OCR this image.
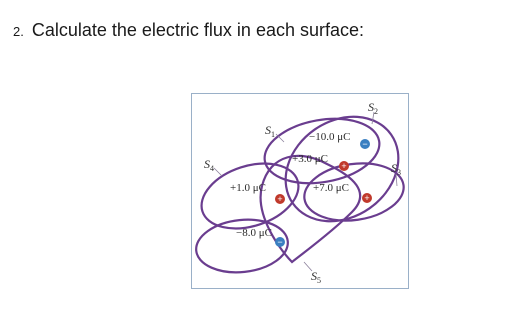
2. Calculate the electric flux in each surface:
$S_1$
$S_2$
$S_3$
$S_4$
$S_5$
−10.0 μC
+3.0 μC
+1.0 μC	+7.0 μC
−8.0 μC
−
+
+	+
−
